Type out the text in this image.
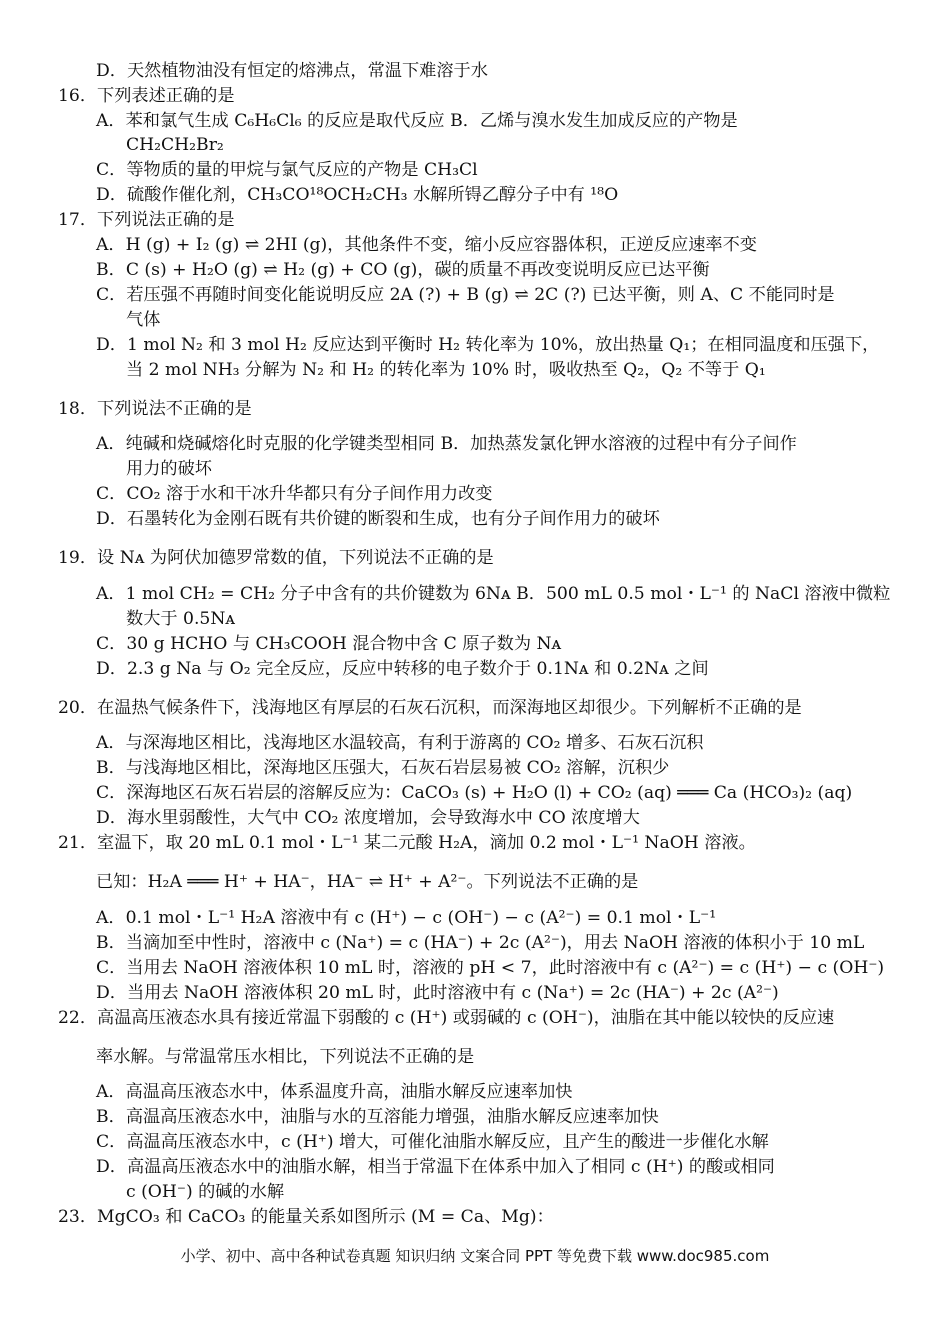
D．天然植物油没有恒定的熔沸点，常温下难溶于水
16．下列表述正确的是
A．苯和氯气生成 C₆H₆Cl₆ 的反应是取代反应 B．乙烯与溴水发生加成反应的产物是
CH₂CH₂Br₂
C．等物质的量的甲烷与氯气反应的产物是 CH₃Cl
D．硫酸作催化剂，CH₃CO¹⁸OCH₂CH₃ 水解所锝乙醇分子中有 ¹⁸O
17．下列说法正确的是
A．H (g) + I₂ (g) ⇌ 2HI (g)，其他条件不变，缩小反应容器体积，正逆反应速率不变
B．C (s) + H₂O (g) ⇌ H₂ (g) + CO (g)，碳的质量不再改变说明反应已达平衡
C．若压强不再随时间变化能说明反应 2A (?) + B (g) ⇌ 2C (?) 已达平衡，则 A、C 不能同时是
气体
D．1 mol N₂ 和 3 mol H₂ 反应达到平衡时 H₂ 转化率为 10%，放出热量 Q₁；在相同温度和压强下，
当 2 mol NH₃ 分解为 N₂ 和 H₂ 的转化率为 10% 时，吸收热至 Q₂，Q₂ 不等于 Q₁
18．下列说法不正确的是
A．纯碱和烧碱熔化时克服的化学键类型相同 B．加热蒸发氯化钾水溶液的过程中有分子间作
用力的破坏
C．CO₂ 溶于水和干冰升华都只有分子间作用力改变
D．石墨转化为金刚石既有共价键的断裂和生成，也有分子间作用力的破坏
19．设 Nᴀ 为阿伏加德罗常数的值，下列说法不正确的是
A．1 mol CH₂ = CH₂ 分子中含有的共价键数为 6Nᴀ B．500 mL 0.5 mol・L⁻¹ 的 NaCl 溶液中微粒
数大于 0.5Nᴀ
C．30 g HCHO 与 CH₃COOH 混合物中含 C 原子数为 Nᴀ
D．2.3 g Na 与 O₂ 完全反应，反应中转移的电子数介于 0.1Nᴀ 和 0.2Nᴀ 之间
20．在温热气候条件下，浅海地区有厚层的石灰石沉积，而深海地区却很少。下列解析不正确的是
A．与深海地区相比，浅海地区水温较高，有利于游离的 CO₂ 增多、石灰石沉积
B．与浅海地区相比，深海地区压强大，石灰石岩层易被 CO₂ 溶解，沉积少
C．深海地区石灰石岩层的溶解反应为：CaCO₃ (s) + H₂O (l) + CO₂ (aq) ═══ Ca (HCO₃)₂ (aq)
D．海水里弱酸性，大气中 CO₂ 浓度增加，会导致海水中 CO 浓度增大
21．室温下，取 20 mL 0.1 mol・L⁻¹ 某二元酸 H₂A，滴加 0.2 mol・L⁻¹ NaOH 溶液。
已知：H₂A ═══ H⁺ + HA⁻，HA⁻ ⇌ H⁺ + A²⁻。下列说法不正确的是
A．0.1 mol・L⁻¹ H₂A 溶液中有 c (H⁺) − c (OH⁻) − c (A²⁻) = 0.1 mol・L⁻¹
B．当滴加至中性时，溶液中 c (Na⁺) = c (HA⁻) + 2c (A²⁻)，用去 NaOH 溶液的体积小于 10 mL
C．当用去 NaOH 溶液体积 10 mL 时，溶液的 pH < 7，此时溶液中有 c (A²⁻) = c (H⁺) − c (OH⁻)
D．当用去 NaOH 溶液体积 20 mL 时，此时溶液中有 c (Na⁺) = 2c (HA⁻) + 2c (A²⁻)
22．高温高压液态水具有接近常温下弱酸的 c (H⁺) 或弱碱的 c (OH⁻)，油脂在其中能以较快的反应速
率水解。与常温常压水相比，下列说法不正确的是
A．高温高压液态水中，体系温度升高，油脂水解反应速率加快
B．高温高压液态水中，油脂与水的互溶能力增强，油脂水解反应速率加快
C．高温高压液态水中，c (H⁺) 增大，可催化油脂水解反应，且产生的酸进一步催化水解
D．高温高压液态水中的油脂水解，相当于常温下在体系中加入了相同 c (H⁺) 的酸或相同
c (OH⁻) 的碱的水解
23．MgCO₃ 和 CaCO₃ 的能量关系如图所示 (M = Ca、Mg)：
小学、初中、高中各种试卷真题 知识归纳 文案合同 PPT 等免费下载 www.doc985.com
